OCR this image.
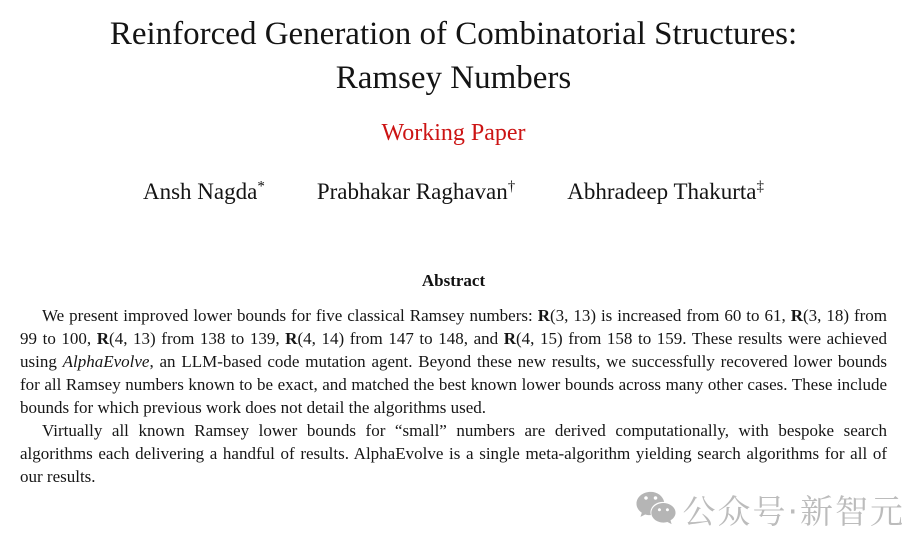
Reinforced Generation of Combinatorial Structures:
Ramsey Numbers
Working Paper
Ansh Nagda* Prabhakar Raghavan† Abhradeep Thakurta‡
Abstract

We present improved lower bounds for five classical Ramsey numbers: R(3, 13) is increased from 60 to 61, R(3, 18) from 99 to 100, R(4, 13) from 138 to 139, R(4, 14) from 147 to 148, and R(4, 15) from 158 to 159. These results were achieved using AlphaEvolve, an LLM-based code mutation agent. Beyond these new results, we successfully recovered lower bounds for all Ramsey numbers known to be exact, and matched the best known lower bounds across many other cases. These include bounds for which previous work does not detail the algorithms used.

Virtually all known Ramsey lower bounds for “small” numbers are derived computationally, with bespoke search algorithms each delivering a handful of results. AlphaEvolve is a single meta-algorithm yielding search algorithms for all of our results.

公众号·新智元
